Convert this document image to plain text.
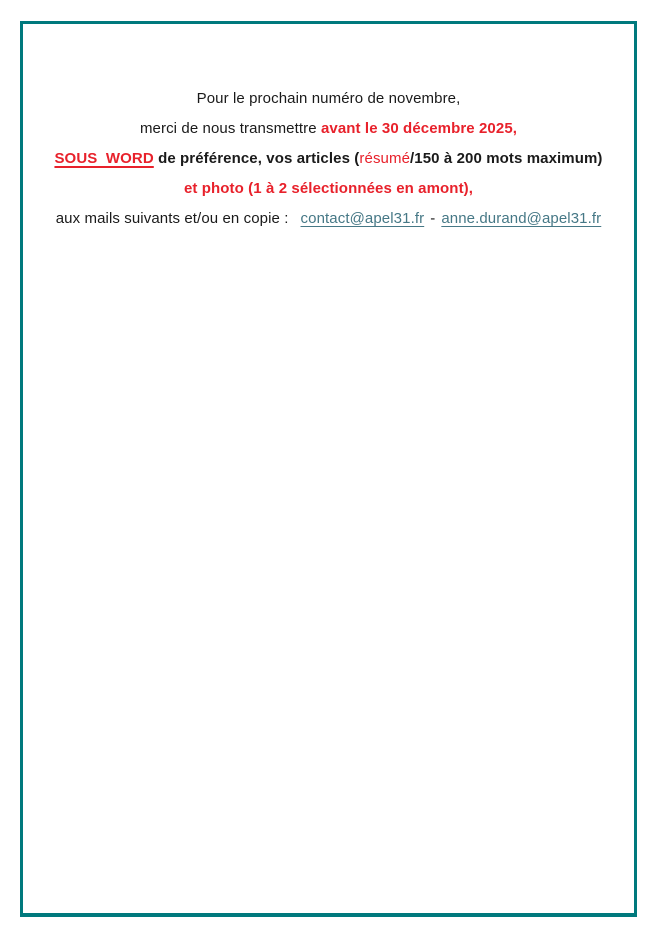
Pour le prochain numéro de novembre,

merci de nous transmettre avant le 30 décembre 2025,

SOUS  WORD de préférence, vos articles (résumé/150 à 200 mots maximum)

et photo (1 à 2 sélectionnées en amont),

aux mails suivants et/ou en copie : contact@apel31.fr - anne.durand@apel31.fr
